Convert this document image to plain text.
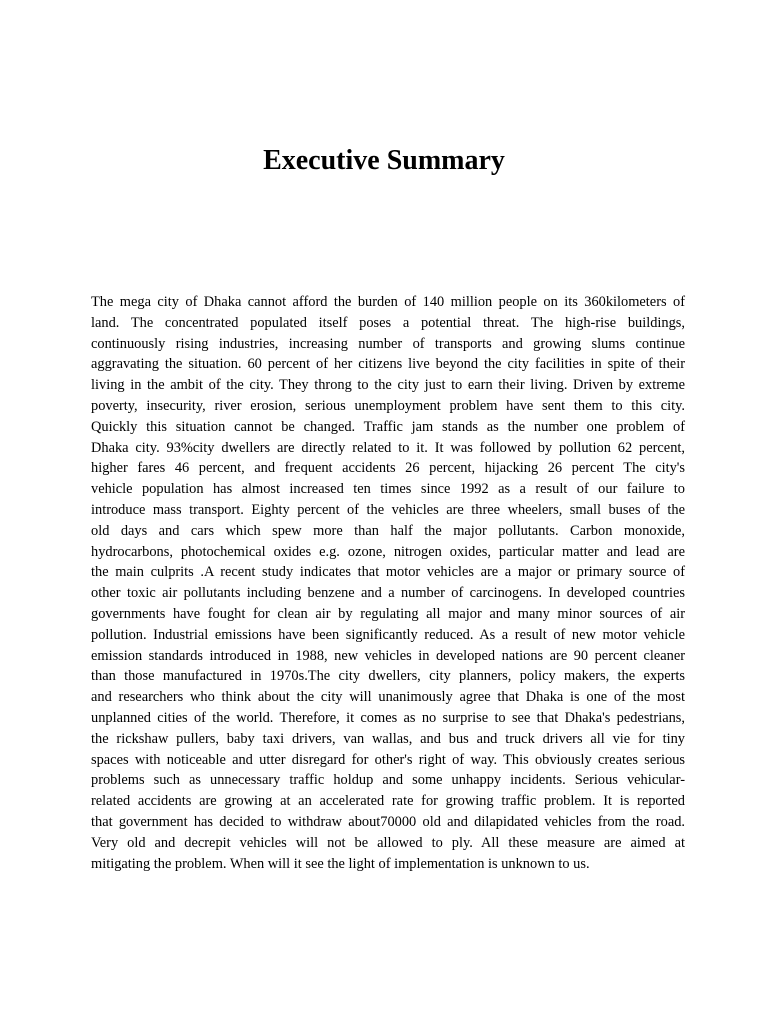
Executive Summary
The mega city of Dhaka cannot afford the burden of 140 million people on its 360kilometers of
land. The concentrated populated itself poses a potential threat. The high-rise buildings,
continuously rising industries, increasing number of transports and growing slums continue
aggravating the situation. 60 percent of her citizens live beyond the city facilities in spite of their
living in the ambit of the city. They throng to the city just to earn their living. Driven by extreme
poverty, insecurity, river erosion, serious unemployment problem have sent them to this city.
Quickly this situation cannot be changed. Traffic jam stands as the number one problem of
Dhaka city. 93%city dwellers are directly related to it. It was followed by pollution 62 percent,
higher fares 46 percent, and frequent accidents 26 percent, hijacking 26 percent The city's
vehicle population has almost increased ten times since 1992 as a result of our failure to
introduce mass transport. Eighty percent of the vehicles are three wheelers, small buses of the
old days and cars which spew more than half the major pollutants. Carbon monoxide,
hydrocarbons, photochemical oxides e.g. ozone, nitrogen oxides, particular matter and lead are
the main culprits .A recent study indicates that motor vehicles are a major or primary source of
other toxic air pollutants including benzene and a number of carcinogens. In developed countries
governments have fought for clean air by regulating all major and many minor sources of air
pollution. Industrial emissions have been significantly reduced. As a result of new motor vehicle
emission standards introduced in 1988, new vehicles in developed nations are 90 percent cleaner
than those manufactured in 1970s.The city dwellers, city planners, policy makers, the experts
and researchers who think about the city will unanimously agree that Dhaka is one of the most
unplanned cities of the world. Therefore, it comes as no surprise to see that Dhaka's pedestrians,
the rickshaw pullers, baby taxi drivers, van wallas, and bus and truck drivers all vie for tiny
spaces with noticeable and utter disregard for other's right of way. This obviously creates serious
problems such as unnecessary traffic holdup and some unhappy incidents. Serious vehicular-
related accidents are growing at an accelerated rate for growing traffic problem. It is reported
that government has decided to withdraw about70000 old and dilapidated vehicles from the road.
Very old and decrepit vehicles will not be allowed to ply. All these measure are aimed at
mitigating the problem. When will it see the light of implementation is unknown to us.
